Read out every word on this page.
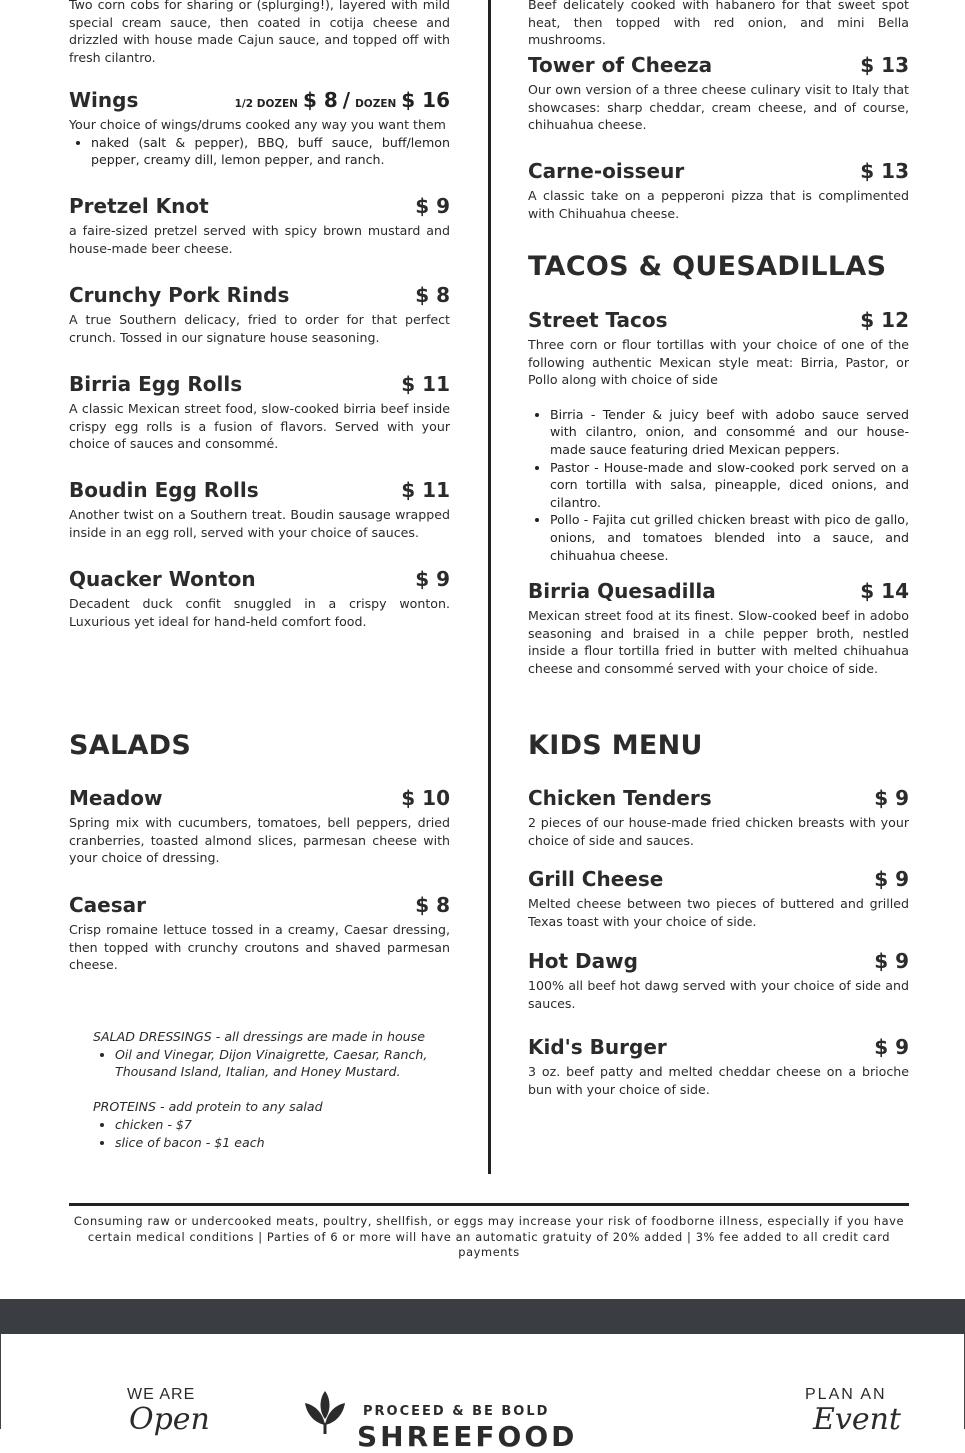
Two corn cobs for sharing or (splurging!), layered with mild special cream sauce, then coated in cotija cheese and drizzled with house made Cajun sauce, and topped off with fresh cilantro.
Wings	1/2 DOZEN $ 8 / DOZEN $ 16
Your choice of wings/drums cooked any way you want them
• naked (salt & pepper), BBQ, buff sauce, buff/lemon pepper, creamy dill, lemon pepper, and ranch.
Pretzel Knot	$ 9
a faire-sized pretzel served with spicy brown mustard and house-made beer cheese.
Crunchy Pork Rinds	$ 8
A true Southern delicacy, fried to order for that perfect crunch. Tossed in our signature house seasoning.
Birria Egg Rolls	$ 11
A classic Mexican street food, slow-cooked birria beef inside crispy egg rolls is a fusion of flavors. Served with your choice of sauces and consommé.
Boudin Egg Rolls	$ 11
Another twist on a Southern treat. Boudin sausage wrapped inside in an egg roll, served with your choice of sauces.
Quacker Wonton	$ 9
Decadent duck confit snuggled in a crispy wonton. Luxurious yet ideal for hand-held comfort food.
SALADS
Meadow	$ 10
Spring mix with cucumbers, tomatoes, bell peppers, dried cranberries, toasted almond slices, parmesan cheese with your choice of dressing.
Caesar	$ 8
Crisp romaine lettuce tossed in a creamy, Caesar dressing, then topped with crunchy croutons and shaved parmesan cheese.
SALAD DRESSINGS - all dressings are made in house
• Oil and Vinegar, Dijon Vinaigrette, Caesar, Ranch, Thousand Island, Italian, and Honey Mustard.
PROTEINS - add protein to any salad
• chicken - $7
• slice of bacon - $1 each
Beef delicately cooked with habanero for that sweet spot heat, then topped with red onion, and mini Bella mushrooms.
Tower of Cheeza	$ 13
Our own version of a three cheese culinary visit to Italy that showcases: sharp cheddar, cream cheese, and of course, chihuahua cheese.
Carne-oisseur	$ 13
A classic take on a pepperoni pizza that is complimented with Chihuahua cheese.
TACOS & QUESADILLAS
Street Tacos	$ 12
Three corn or flour tortillas with your choice of one of the following authentic Mexican style meat: Birria, Pastor, or Pollo along with choice of side
• Birria - Tender & juicy beef with adobo sauce served with cilantro, onion, and consommé and our house-made sauce featuring dried Mexican peppers.
• Pastor - House-made and slow-cooked pork served on a corn tortilla with salsa, pineapple, diced onions, and cilantro.
• Pollo - Fajita cut grilled chicken breast with pico de gallo, onions, and tomatoes blended into a sauce, and chihuahua cheese.
Birria Quesadilla	$ 14
Mexican street food at its finest. Slow-cooked beef in adobo seasoning and braised in a chile pepper broth, nestled inside a flour tortilla fried in butter with melted chihuahua cheese and consommé served with your choice of side.
KIDS MENU
Chicken Tenders	$ 9
2 pieces of our house-made fried chicken breasts with your choice of side and sauces.
Grill Cheese	$ 9
Melted cheese between two pieces of buttered and grilled Texas toast with your choice of side.
Hot Dawg	$ 9
100% all beef hot dawg served with your choice of side and sauces.
Kid's Burger	$ 9
3 oz. beef patty and melted cheddar cheese on a brioche bun with your choice of side.
Consuming raw or undercooked meats, poultry, shellfish, or eggs may increase your risk of foodborne illness, especially if you have certain medical conditions | Parties of 6 or more will have an automatic gratuity of 20% added | 3% fee added to all credit card payments
WE ARE
Open	PROCEED & BE BOLD
SHREEFOOD
PLAN AN
Event
